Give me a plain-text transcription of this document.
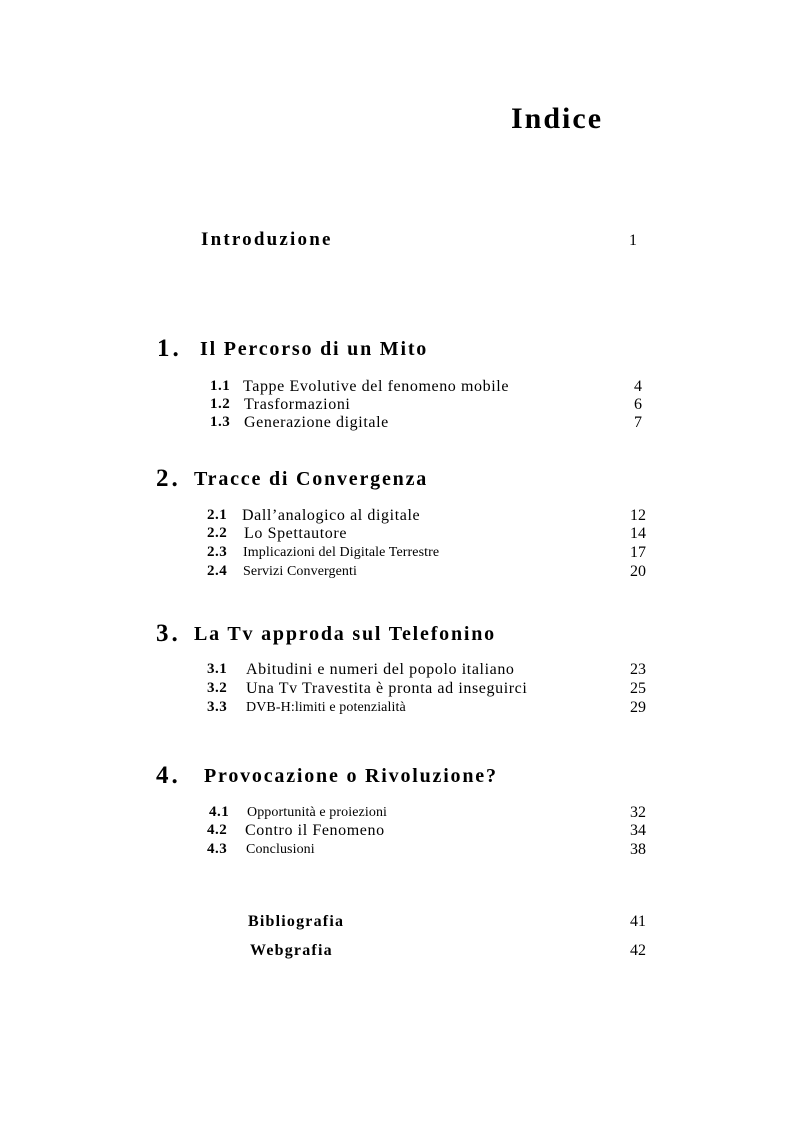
Indice
Introduzione	1
1. Il Percorso di un Mito
1.1 Tappe Evolutive del fenomeno mobile	4
1.2 Trasformazioni	6
1.3 Generazione digitale	7
2. Tracce di Convergenza
2.1 Dall’analogico al digitale	12
2.2 Lo Spettautore	14
2.3 Implicazioni del Digitale Terrestre	17
2.4 Servizi Convergenti	20
3. La Tv approda sul Telefonino
3.1 Abitudini e numeri del popolo italiano	23
3.2 Una Tv Travestita è pronta ad inseguirci	25
3.3 DVB-H:limiti e potenzialità	29
4. Provocazione o Rivoluzione?
4.1 Opportunità e proiezioni	32
4.2 Contro il Fenomeno	34
4.3 Conclusioni	38
Bibliografia	41
Webgrafia	42
